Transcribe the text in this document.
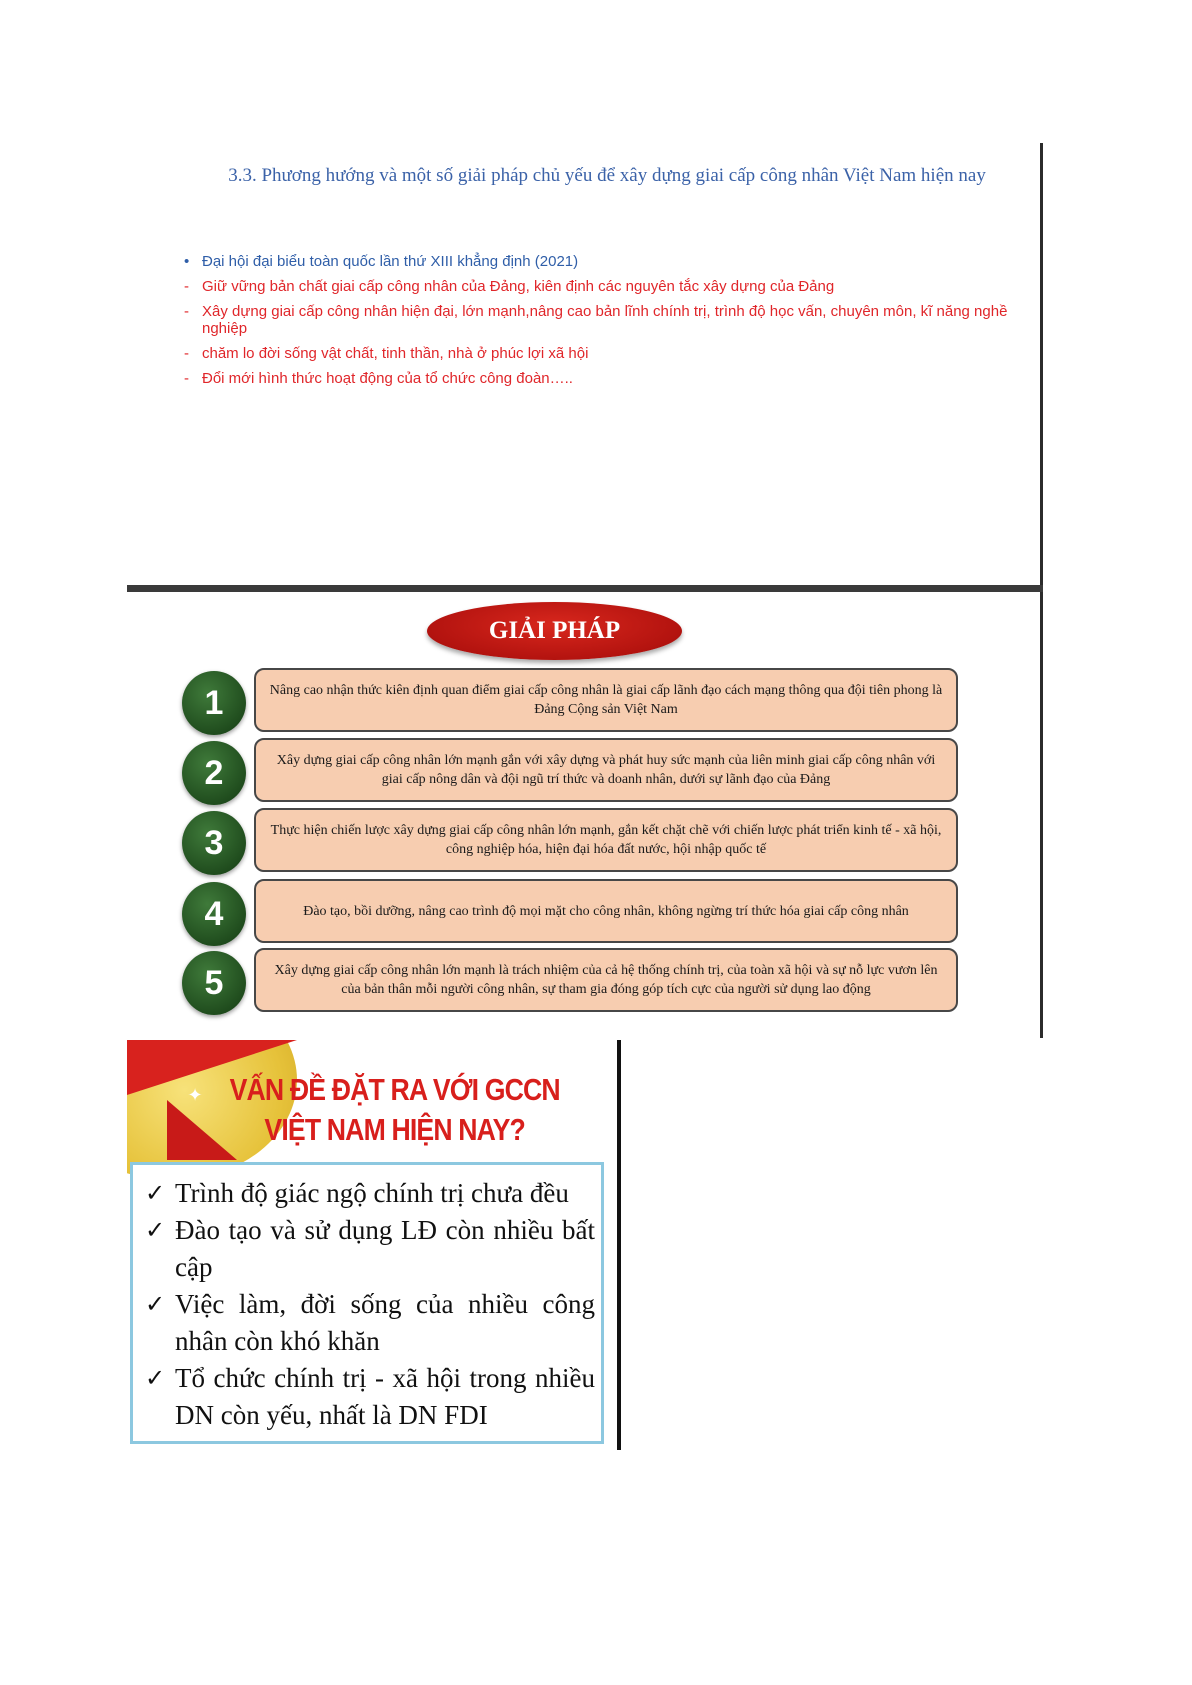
3.3. Phương hướng và một số giải pháp chủ yếu để xây dựng giai cấp công nhân Việt Nam hiện nay
• Đại hội đại biểu toàn quốc lần thứ XIII khẳng định (2021)
- Giữ vững bản chất giai cấp công nhân của Đảng, kiên định các nguyên tắc xây dựng của Đảng
- Xây dựng giai cấp công nhân hiện đại, lớn mạnh,nâng cao bản lĩnh chính trị, trình độ học vấn, chuyên môn, kĩ năng nghề nghiệp
- chăm lo đời sống vật chất, tinh thần, nhà ở phúc lợi xã hội
- Đổi mới hình thức hoạt động của tổ chức công đoàn…..
GIẢI PHÁP
1	Nâng cao nhận thức kiên định quan điểm giai cấp công nhân là giai cấp lãnh đạo cách mạng thông qua đội tiên phong là Đảng Cộng sản Việt Nam
2	Xây dựng giai cấp công nhân lớn mạnh gắn với xây dựng và phát huy sức mạnh của liên minh giai cấp công nhân với giai cấp nông dân và đội ngũ trí thức và doanh nhân, dưới sự lãnh đạo của Đảng
3	Thực hiện chiến lược xây dựng giai cấp công nhân lớn mạnh, gắn kết chặt chẽ với chiến lược phát triển kinh tế - xã hội, công nghiệp hóa, hiện đại hóa đất nước, hội nhập quốc tế
4	Đào tạo, bồi dưỡng, nâng cao trình độ mọi mặt cho công nhân, không ngừng trí thức hóa giai cấp công nhân
5	Xây dựng giai cấp công nhân lớn mạnh là trách nhiệm của cả hệ thống chính trị, của toàn xã hội và sự nỗ lực vươn lên của bản thân mỗi người công nhân, sự tham gia đóng góp tích cực của người sử dụng lao động
✦ VẤN ĐỀ ĐẶT RA VỚI GCCN
VIỆT NAM HIỆN NAY?
✓ Trình độ giác ngộ chính trị chưa đều
✓ Đào tạo và sử dụng LĐ còn nhiều bất cập
✓ Việc làm, đời sống của nhiều công nhân còn khó khăn
✓ Tổ chức chính trị - xã hội trong nhiều DN còn yếu, nhất là DN FDI
